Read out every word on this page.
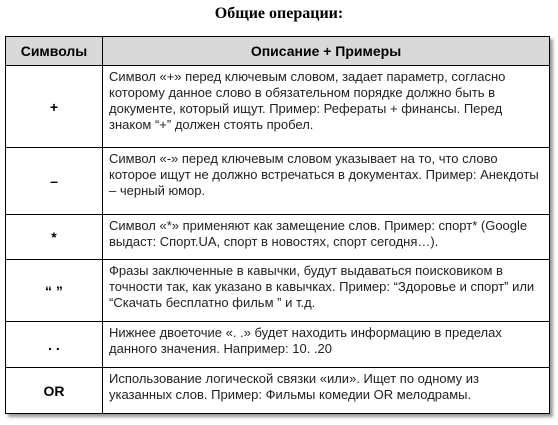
Общие операции:
Символы	Описание + Примеры
+	Символ «+» перед ключевым словом, задает параметр, согласно которому данное слово в обязательном порядке должно быть в документе, который ищут. Пример: Рефераты + финансы. Перед знаком “+” должен стоять пробел.
–	Символ «-» перед ключевым словом указывает на то, что слово которое ищут не должно встречаться в документах. Пример: Анекдоты – черный юмор.
*	Символ «*» применяют как замещение слов. Пример: спорт* (Google выдаст: Спорт.UA, спорт в новостях, спорт сегодня…).
“ ”	Фразы заключенные в кавычки, будут выдаваться поисковиком в точности так, как указано в кавычках. Пример: “Здоровье и спорт” или “Скачать бесплатно фильм ” и т.д.
. .	Нижнее двоеточие «. .» будет находить информацию в пределах данного значения. Например: 10. .20
OR	Использование логической связки «или». Ищет по одному из указанных слов. Пример: Фильмы комедии OR мелодрамы.
